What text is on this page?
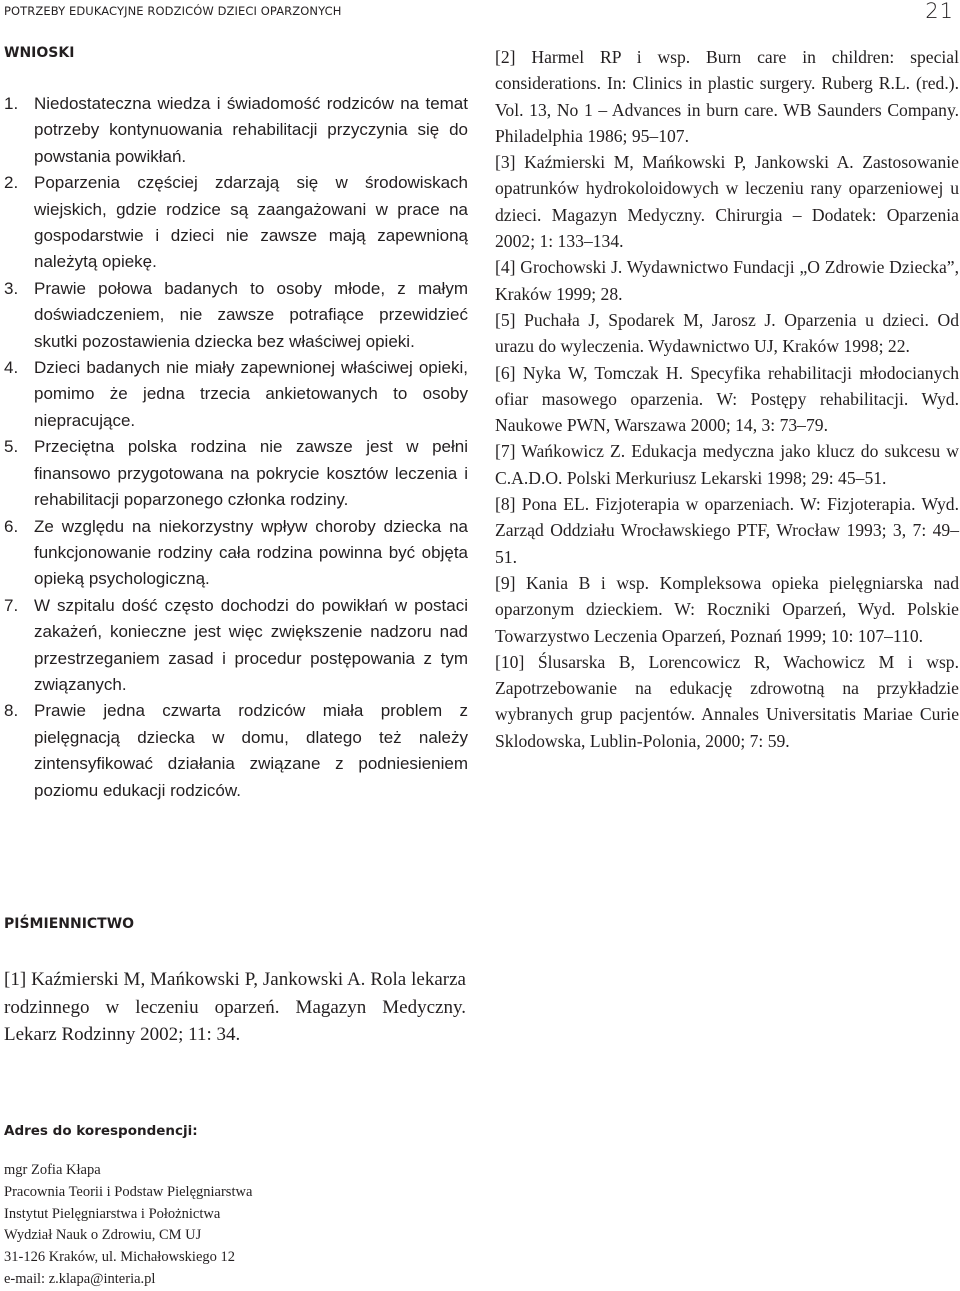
POTRZEBY EDUKACYJNE RODZICÓW DZIECI OPARZONYCH	21
WNIOSKI
1. Niedostateczna wiedza i świadomość rodziców na temat potrzeby kontynuowania rehabilitacji przyczynia się do powstania powikłań.
2. Poparzenia częściej zdarzają się w środowiskach wiejskich, gdzie rodzice są zaangażowani w prace na gospodarstwie i dzieci nie zawsze mają zapewnioną należytą opiekę.
3. Prawie połowa badanych to osoby młode, z małym doświadczeniem, nie zawsze potrafiące przewidzieć skutki pozostawienia dziecka bez właściwej opieki.
4. Dzieci badanych nie miały zapewnionej właściwej opieki, pomimo że jedna trzecia ankietowanych to osoby niepracujące.
5. Przeciętna polska rodzina nie zawsze jest w pełni finansowo przygotowana na pokrycie kosztów leczenia i rehabilitacji poparzonego członka rodziny.
6. Ze względu na niekorzystny wpływ choroby dziecka na funkcjonowanie rodziny cała rodzina powinna być objęta opieką psychologiczną.
7. W szpitalu dość często dochodzi do powikłań w postaci zakażeń, konieczne jest więc zwiększenie nadzoru nad przestrzeganiem zasad i procedur postępowania z tym związanych.
8. Prawie jedna czwarta rodziców miała problem z pielęgnacją dziecka w domu, dlatego też należy zintensyfikować działania związane z podniesieniem poziomu edukacji rodziców.

[2] Harmel RP i wsp. Burn care in children: special considerations. In: Clinics in plastic surgery. Ruberg R.L. (red.). Vol. 13, No 1 – Advances in burn care. WB Saunders Company. Philadelphia 1986; 95–107.

[3] Kaźmierski M, Mańkowski P, Jankowski A. Zastosowanie opatrunków hydrokoloidowych w leczeniu rany oparzeniowej u dzieci. Magazyn Medyczny. Chirurgia – Dodatek: Oparzenia 2002; 1: 133–134.

[4] Grochowski J. Wydawnictwo Fundacji „O Zdrowie Dziecka”, Kraków 1999; 28.

[5] Puchała J, Spodarek M, Jarosz J. Oparzenia u dzieci. Od urazu do wyleczenia. Wydawnictwo UJ, Kraków 1998; 22.

[6] Nyka W, Tomczak H. Specyfika rehabilitacji młodocianych ofiar masowego oparzenia. W: Postępy rehabilitacji. Wyd. Naukowe PWN, Warszawa 2000; 14, 3: 73–79.

[7] Wańkowicz Z. Edukacja medyczna jako klucz do sukcesu w C.A.D.O. Polski Merkuriusz Lekarski 1998; 29: 45–51.

[8] Pona EL. Fizjoterapia w oparzeniach. W: Fizjoterapia. Wyd. Zarząd Oddziału Wrocławskiego PTF, Wrocław 1993; 3, 7: 49–51.

[9] Kania B i wsp. Kompleksowa opieka pielęgniarska nad oparzonym dzieckiem. W: Roczniki Oparzeń, Wyd. Polskie Towarzystwo Leczenia Oparzeń, Poznań 1999; 10: 107–110.

[10] Ślusarska B, Lorencowicz R, Wachowicz M i wsp. Zapotrzebowanie na edukację zdrowotną na przykładzie wybranych grup pacjentów. Annales Universitatis Mariae Curie Sklodowska, Lublin-Polonia, 2000; 7: 59.

PIŚMIENNICTWO

[1] Kaźmierski M, Mańkowski P, Jankowski A. Rola lekarza rodzinnego w leczeniu oparzeń. Magazyn Medyczny. Lekarz Rodzinny 2002; 11: 34.

Adres do korespondencji:
mgr Zofia Kłapa
Pracownia Teorii i Podstaw Pielęgniarstwa
Instytut Pielęgniarstwa i Położnictwa
Wydział Nauk o Zdrowiu, CM UJ
31-126 Kraków, ul. Michałowskiego 12
e-mail: z.klapa@interia.pl
